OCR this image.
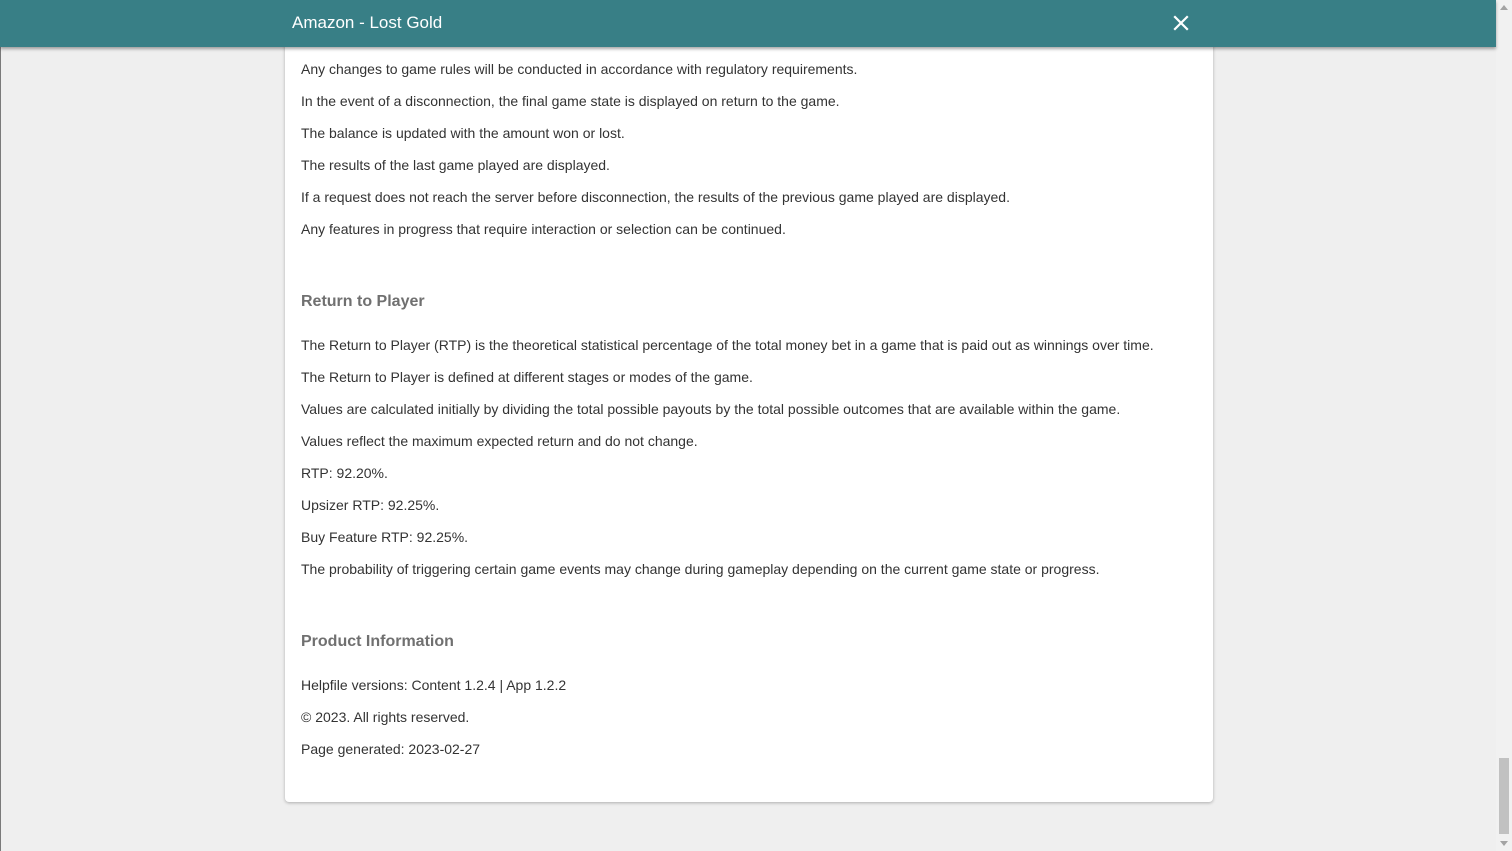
Amazon - Lost Gold

Any changes to game rules will be conducted in accordance with regulatory requirements.

In the event of a disconnection, the final game state is displayed on return to the game.

The balance is updated with the amount won or lost.

The results of the last game played are displayed.

If a request does not reach the server before disconnection, the results of the previous game played are displayed.

Any features in progress that require interaction or selection can be continued.

Return to Player

The Return to Player (RTP) is the theoretical statistical percentage of the total money bet in a game that is paid out as winnings over time.

The Return to Player is defined at different stages or modes of the game.

Values are calculated initially by dividing the total possible payouts by the total possible outcomes that are available within the game.

Values reflect the maximum expected return and do not change.

RTP: 92.20%.

Upsizer RTP: 92.25%.

Buy Feature RTP: 92.25%.

The probability of triggering certain game events may change during gameplay depending on the current game state or progress.

Product Information

Helpfile versions: Content 1.2.4 | App 1.2.2

© 2023. All rights reserved.

Page generated: 2023-02-27
